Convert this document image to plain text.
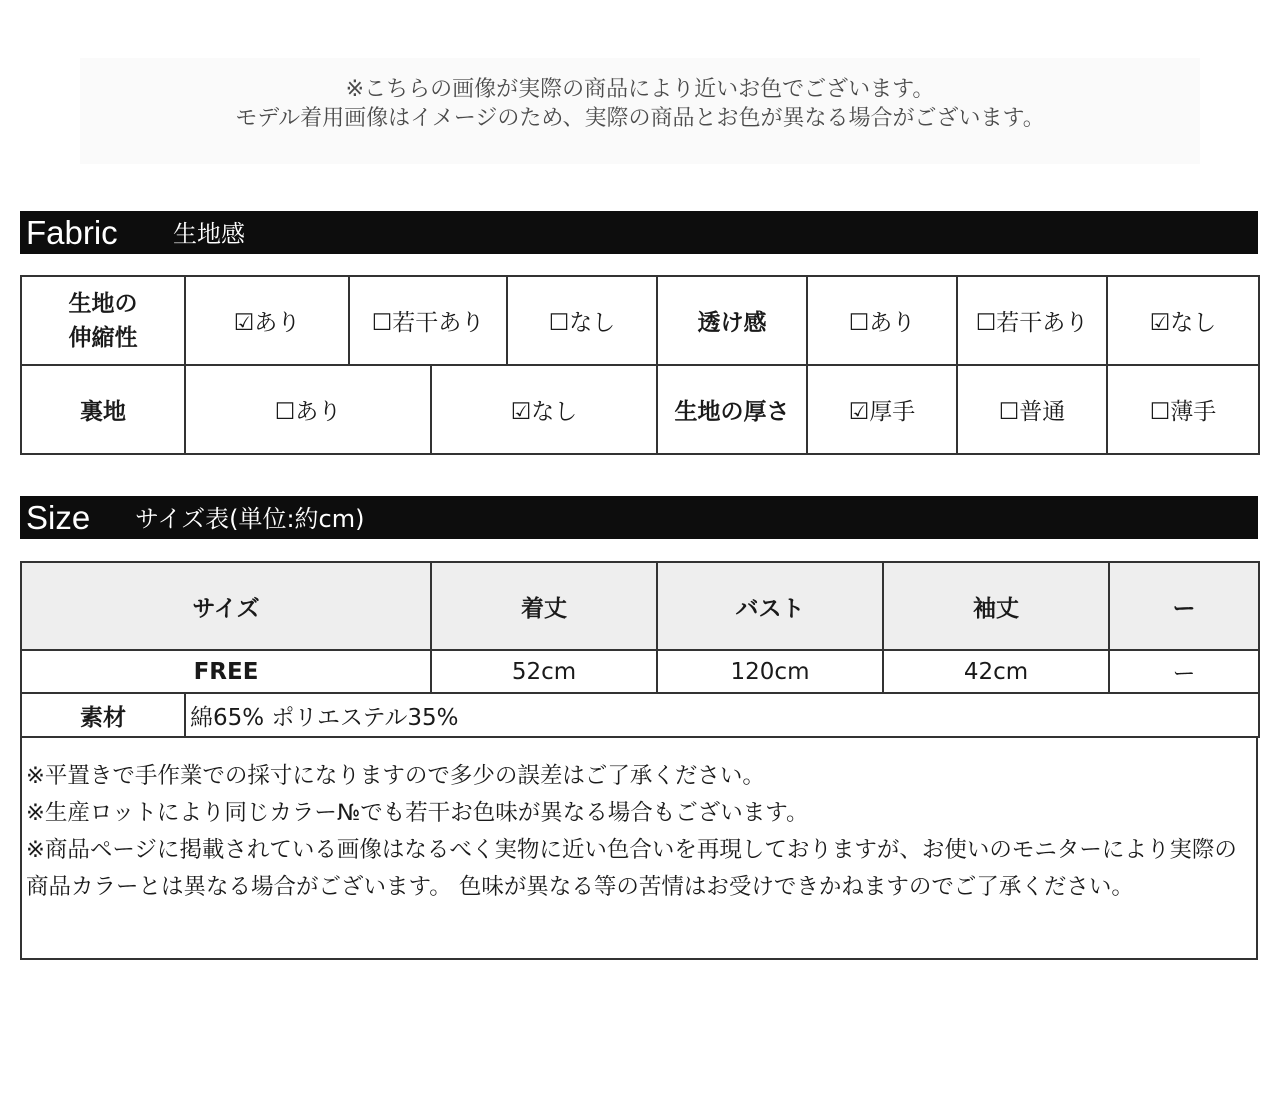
※こちらの画像が実際の商品により近いお色でございます。
モデル着用画像はイメージのため、実際の商品とお色が異なる場合がございます。
Fabric 生地感
生地の
伸縮性	☑あり	☐若干あり		☐なし	透け感	☐あり	☐若干あり	☑なし
裏地	☐あり		☑なし		生地の厚さ	☑厚手	☐普通	☐薄手
Size サイズ表(単位:約cm)
サイズ		着丈	バスト	袖丈	ー
FREE		52cm	120cm	42cm	ー
素材	綿65% ポリエステル35%				

※平置きで手作業での採寸になりますので多少の誤差はご了承ください。

※生産ロットにより同じカラー№でも若干お色味が異なる場合もございます。

※商品ページに掲載されている画像はなるべく実物に近い色合いを再現しておりますが、お使いのモニターにより実際の商品カラーとは異なる場合がございます。 色味が異なる等の苦情はお受けできかねますのでご了承ください。
